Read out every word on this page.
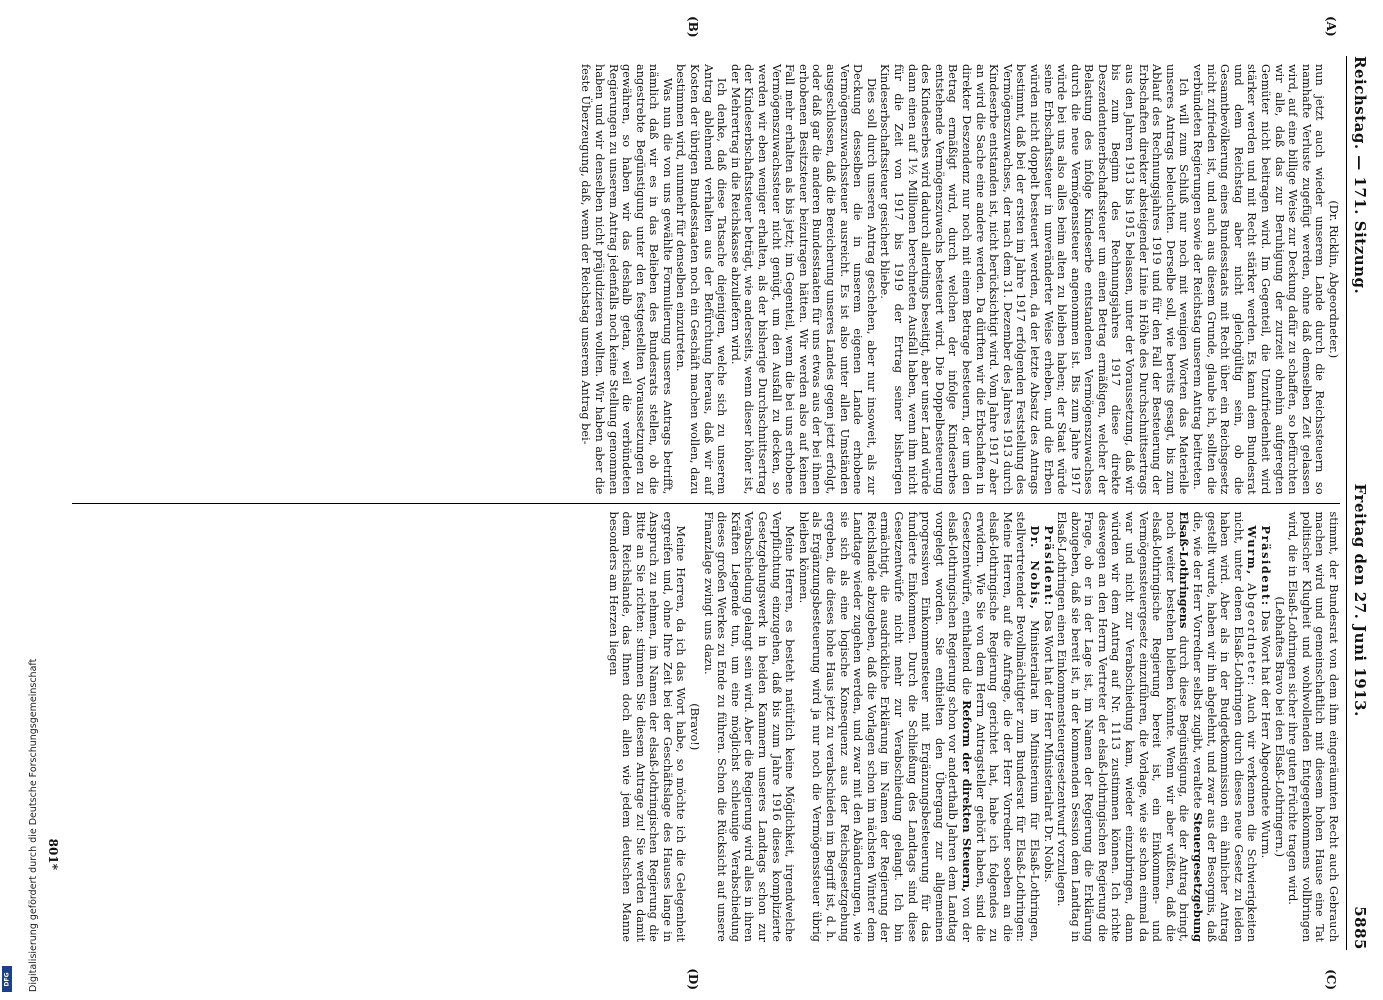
DFG Digitalisierung gefördert durch die Deutsche Forschungsgemeinschaft
Reichstag. — 171. Sitzung.
Freitag den 27. Juni 1913.
5885
(A)
(B)
(C)
(D)

(Dr. Ricklin, Abgeordneter.)

nun jetzt auch wieder unserem Lande durch die Reichssteuern so namhafte Verluste zugefügt werden, ohne daß demselben Zeit gelassen wird, auf eine billige Weise zur Deckung dafür zu schaffen, so befürchten wir alle, daß das zur Beruhigung der zurzeit ohnehin aufgeregten Gemüter nicht beitragen wird. Im Gegenteil, die Unzufriedenheit wird stärker werden und mit Recht stärker werden. Es kann dem Bundesrat und dem Reichstag aber nicht gleichgültig sein, ob die Gesamtbevölkerung eines Bundesstaats mit Recht über ein Reichsgesetz nicht zufrieden ist, und auch aus diesem Grunde, glaube ich, sollten die verbündeten Regierungen sowie der Reichstag unserem Antrag beitreten.

Ich will zum Schluß nur noch mit wenigen Worten das Materielle unseres Antrags beleuchten. Derselbe soll, wie bereits gesagt, bis zum Ablauf des Rechnungsjahres 1919 und für den Fall der Besteuerung der Erbschaften direkter absteigender Linie in Höhe des Durchschnittsertrags aus den Jahren 1913 bis 1915 belassen, unter der Voraussetzung, daß wir bis zum Beginn des Rechnungsjahres 1917 diese direkte Deszendentenerbschaftssteuer um einen Betrag ermäßigen, welcher der Belastung des infolge Kindeserbe entstandenen Vermögenszuwachses durch die neue Vermögenssteuer angenommen ist. Bis zum Jahre 1917 würde bei uns also alles beim alten zu bleiben haben; der Staat würde seine Erbschaftssteuer in unveränderter Weise erheben, und die Erben würden nicht doppelt besteuert werden, da der letzte Absatz des Antrags bestimmt, daß bei der ersten im Jahre 1917 erfolgenden Feststellung des Vermögenszuwachses, der nach dem 31. Dezember des Jahres 1913 durch Kindeserbe entstanden ist, nicht berücksichtigt wird. Vom Jahre 1917 aber an wird die Sache eine andere werden. Da dürften wir die Erbschaften in direkter Deszendenz nur noch mit einem Betrage besteuern, der um den Betrag ermäßigt wird, durch welchen der infolge Kindeserbes entstehende Vermögenszuwachs besteuert wird. Die Doppelbesteuerung des Kindeserbes wird dadurch allerdings beseitigt, aber unser Land würde dann einen auf 1½ Millionen berechneten Ausfall haben, wenn ihm nicht für die Zeit von 1917 bis 1919 der Ertrag seiner bisherigen Kindeserbschaftssteuer gesichert bliebe.

Dies soll durch unseren Antrag geschehen, aber nur insoweit, als zur Deckung desselben die in unserem eigenen Lande erhobene Vermögenszuwachssteuer ausreicht. Es ist also unter allen Umständen ausgeschlossen, daß die Bereicherung unseres Landes gegen jetzt erfolgt, oder daß gar die anderen Bundesstaaten für uns etwas aus der bei ihnen erhobenen Besitzsteuer beizutragen hätten. Wir werden also auf keinen Fall mehr erhalten als bis jetzt; im Gegenteil, wenn die bei uns erhobene Vermögenszuwachssteuer nicht genügt, um den Ausfall zu decken, so werden wir eben weniger erhalten, als der bisherige Durchschnittsertrag der Kindeserbschaftssteuer beträgt, wie anderseits, wenn dieser höher ist, der Mehrertrag in die Reichskasse abzuliefern wird.

Ich denke, daß diese Tatsache diejenigen, welche sich zu unserem Antrag ablehnend verhalten aus der Befürchtung heraus, daß wir auf Kosten der übrigen Bundesstaaten noch ein Geschäft machen wollen, dazu bestimmen wird, nunmehr für denselben einzutreten.

Was nun die von uns gewählte Formulierung unseres Antrags betrifft, nämlich daß wir es in das Belieben des Bundesrats stellen, ob die angestrebte Begünstigung unter den festgestellten Voraussetzungen zu gewähren, so haben wir das deshalb getan, weil die verbündeten Regierungen zu unserem Antrag jedenfalls noch keine Stellung genommen haben und wir denselben nicht präjudizieren wollten. Wir haben aber die feste Überzeugung, daß, wenn der Reichstag unserem Antrag bei-

stimmt, der Bundesrat von dem ihm eingeräumten Recht auch Gebrauch machen wird und gemeinschaftlich mit diesem hohen Hause eine Tat politischer Klugheit und wohlwollenden Entgegenkommens vollbringen wird, die in Elsaß-Lothringen sicher ihre guten Früchte tragen wird.

(Lebhaftes Bravo bei den Elsaß-Lothringern.)

Präsident: Das Wort hat der Herr Abgeordnete Wurm.

Wurm, Abgeordneter: Auch wir verkennen die Schwierigkeiten nicht, unter denen Elsaß-Lothringen durch dieses neue Gesetz zu leiden haben wird. Aber als in der Budgetkommission ein ähnlicher Antrag gestellt wurde, haben wir ihn abgelehnt, und zwar aus der Besorgnis, daß die, wie der Herr Vorredner selbst zugibt, veraltete Steuergesetzgebung Elsaß-Lothringens durch diese Begünstigung, die der Antrag bringt, noch weiter bestehen bleiben könnte. Wenn wir aber wüßten, daß die elsaß-lothringische Regierung bereit ist, ein Einkommen- und Vermögenssteuergesetz einzuführen, die Vorlage, wie sie schon einmal da war und nicht zur Verabschiedung kam, wieder einzubringen, dann würden wir dem Antrag auf Nr. 1113 zustimmen können. Ich richte deswegen an den Herrn Vertreter der elsaß-lothringischen Regierung die Frage, ob er in der Lage ist, im Namen der Regierung die Erklärung abzugeben, daß sie bereit ist, in der kommenden Session dem Landtag in Elsaß-Lothringen einen Einkommensteuergesetzentwurf vorzulegen.

Präsident: Das Wort hat der Herr Ministerialrat Dr. Nobis.

Dr. Nobis, Ministerialrat im Ministerium für Elsaß-Lothringen, stellvertretender Bevollmächtigter zum Bundesrat für Elsaß-Lothringen: Meine Herren, auf die Anfrage, die der Herr Vorredner soeben an die elsaß-lothringische Regierung gerichtet hat, habe ich folgendes zu erwidern. Wie Sie von dem Herrn Antragsteller gehört haben, sind die Gesetzentwürfe, enthaltend die Reform der direkten Steuern, von der elsaß-lothringischen Regierung schon vor anderthalb Jahren dem Landtag vorgelegt worden. Sie enthielten den Übergang zur allgemeinen progressiven Einkommensteuer mit Ergänzungsbesteuerung für das fundierte Einkommen. Durch die Schließung des Landtags sind diese Gesetzentwürfe nicht mehr zur Verabschiedung gelangt. Ich bin ermächtigt, die ausdrückliche Erklärung im Namen der Regierung der Reichslande abzugeben, daß die Vorlagen schon im nächsten Winter dem Landtage wieder zugehen werden, und zwar mit den Abänderungen, wie sie sich als eine logische Konsequenz aus der Reichsgesetzgebung ergeben, die dieses hohe Haus jetzt zu verabschieden im Begriff ist, d. h. als Ergänzungsbesteuerung wird ja nur noch die Vermögenssteuer übrig bleiben können.

Meine Herren, es besteht natürlich keine Möglichkeit, irgendwelche Verpflichtung einzugehen, daß bis zum Jahre 1916 dieses komplizierte Gesetzgebungswerk in beiden Kammern unseres Landtags schon zur Verabschiedung gelangt sein wird. Aber die Regierung wird alles in ihren Kräften Liegende tun, um eine möglichst schleunige Verabschiedung dieses großen Werkes zu Ende zu führen. Schon die Rücksicht auf unsere Finanzlage zwingt uns dazu.

(Bravo!)

Meine Herren, da ich das Wort habe, so möchte ich die Gelegenheit ergreifen und, ohne Ihre Zeit bei der Geschäftslage des Hauses lange in Anspruch zu nehmen, im Namen der elsaß-lothringischen Regierung die Bitte an Sie richten: stimmen Sie diesem Antrage zu! Sie werden damit dem Reichslande, das Ihnen doch allen wie jedem deutschen Manne besonders am Herzen liegen

801*
